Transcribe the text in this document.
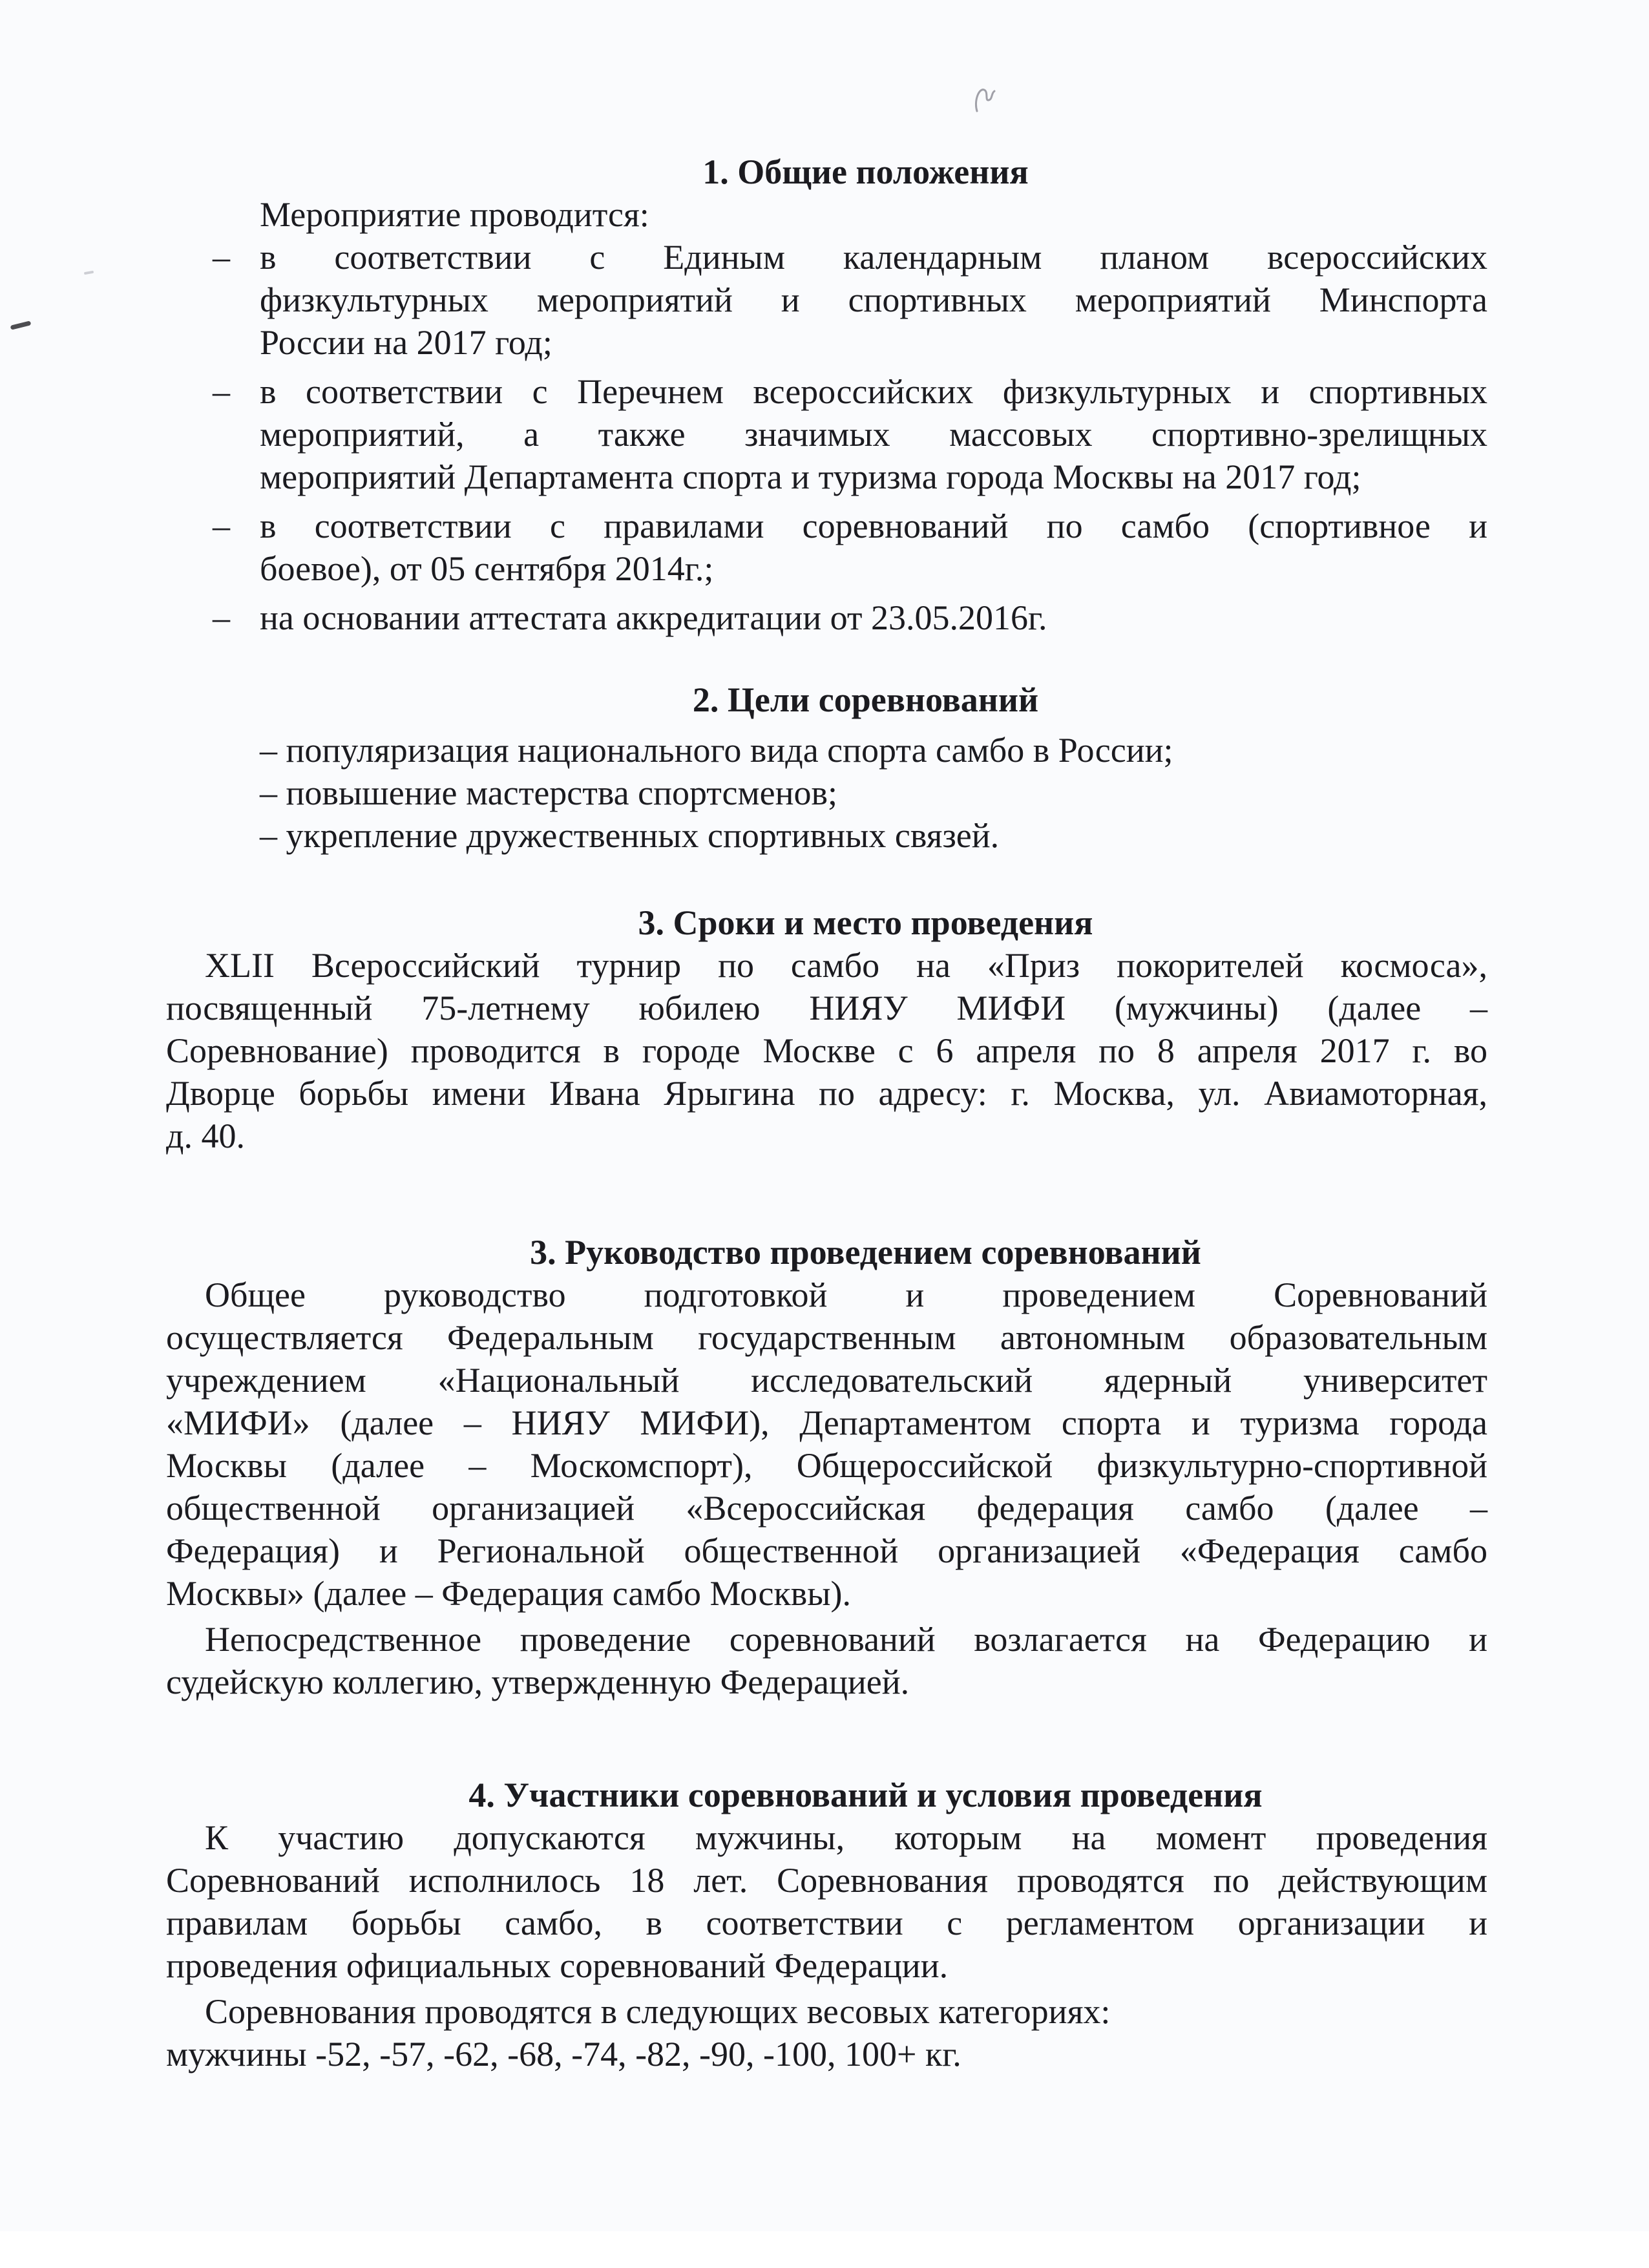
1. Общие положения
Мероприятие проводится:
– в соответствии с Единым календарным планом всероссийских
физкультурных мероприятий и спортивных мероприятий Минспорта
России на 2017 год;
– в соответствии с Перечнем всероссийских физкультурных и спортивных
мероприятий, а также значимых массовых спортивно-зрелищных
мероприятий Департамента спорта и туризма города Москвы на 2017 год;
– в соответствии с правилами соревнований по самбо (спортивное и
боевое), от 05 сентября 2014г.;
– на основании аттестата аккредитации от 23.05.2016г.
2. Цели соревнований
– популяризация национального вида спорта самбо в России;
– повышение мастерства спортсменов;
– укрепление дружественных спортивных связей.
3. Сроки и место проведения
XLII Всероссийский турнир по самбо на «Приз покорителей космоса»,
посвященный 75-летнему юбилею НИЯУ МИФИ (мужчины) (далее –
Соревнование) проводится в городе Москве с 6 апреля по 8 апреля 2017 г. во
Дворце борьбы имени Ивана Ярыгина по адресу: г. Москва, ул. Авиамоторная,
д. 40.
3. Руководство проведением соревнований
Общее руководство подготовкой и проведением Соревнований
осуществляется Федеральным государственным автономным образовательным
учреждением «Национальный исследовательский ядерный университет
«МИФИ» (далее – НИЯУ МИФИ), Департаментом спорта и туризма города
Москвы (далее – Москомспорт), Общероссийской физкультурно-спортивной
общественной организацией «Всероссийская федерация самбо (далее –
Федерация) и Региональной общественной организацией «Федерация самбо
Москвы» (далее – Федерация самбо Москвы).
Непосредственное проведение соревнований возлагается на Федерацию и
судейскую коллегию, утвержденную Федерацией.
4. Участники соревнований и условия проведения
К участию допускаются мужчины, которым на момент проведения
Соревнований исполнилось 18 лет. Соревнования проводятся по действующим
правилам борьбы самбо, в соответствии с регламентом организации и
проведения официальных соревнований Федерации.
Соревнования проводятся в следующих весовых категориях:
мужчины -52, -57, -62, -68, -74, -82, -90, -100, 100+ кг.
